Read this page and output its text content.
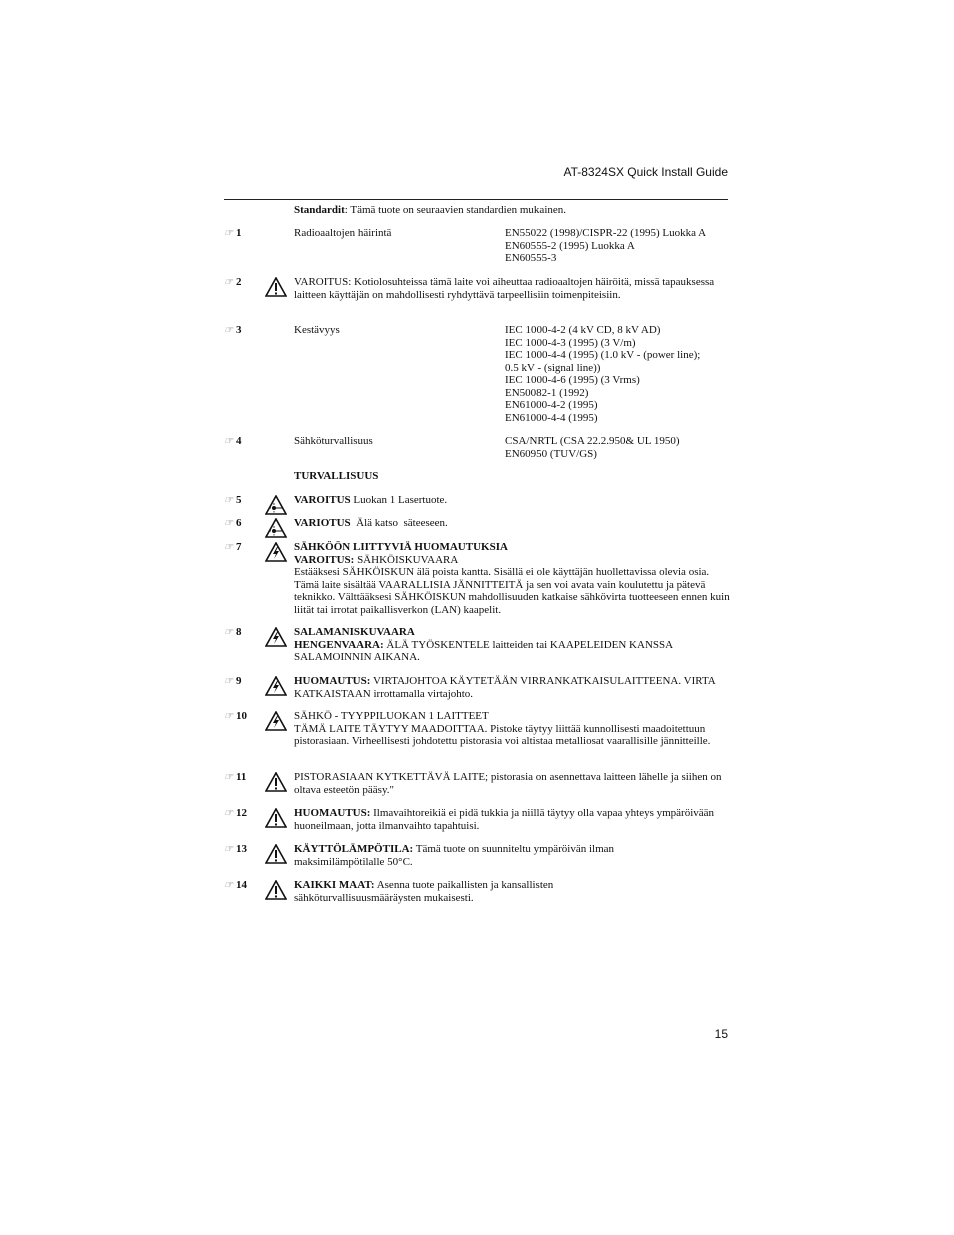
AT-8324SX Quick Install Guide
Standardit: Tämä tuote on seuraavien standardien mukainen.
☞ 1	Radioaaltojen häirintä	EN55022 (1998)/CISPR-22 (1995) Luokka A
EN60555-2 (1995) Luokka A
EN60555-3
☞ 2	VAROITUS: Kotiolosuhteissa tämä laite voi aiheuttaa radioaaltojen häiröitä, missä tapauksessa laitteen käyttäjän on mahdollisesti ryhdyttävä tarpeellisiin toimenpiteisiin.
☞ 3	Kestävyys	IEC 1000-4-2 (4 kV CD, 8 kV AD)
IEC 1000-4-3 (1995) (3 V/m)
IEC 1000-4-4 (1995) (1.0 kV - (power line);
0.5 kV - (signal line))
IEC 1000-4-6 (1995) (3 Vrms)
EN50082-1 (1992)
EN61000-4-2 (1995)
EN61000-4-4 (1995)
☞ 4	Sähköturvallisuus	CSA/NRTL (CSA 22.2.950& UL 1950)
EN60950 (TUV/GS)
TURVALLISUUS
☞ 5	VAROITUS Luokan 1 Lasertuote.
☞ 6	VARIOTUS  Älä katso  säteeseen.
☞ 7	SÄHKÖÖN LIITTYVIÄ HUOMAUTUKSIA
VAROITUS: SÄHKÖISKUVAARA
Estääksesi SÄHKÖISKUN älä poista kantta. Sisällä ei ole käyttäjän huollettavissa olevia osia. Tämä laite sisältää VAARALLISIA JÄNNITTEITÄ ja sen voi avata vain koulutettu ja pätevä teknikko. Välttääksesi SÄHKÖISKUN mahdollisuuden katkaise sähkövirta tuotteeseen ennen kuin liität tai irrotat paikallisverkon (LAN) kaapelit.
☞ 8	SALAMANISKUVAARA
HENGENVAARA: ÄLÄ TYÖSKENTELE laitteiden tai KAAPELEIDEN KANSSA SALAMOINNIN AIKANA.
☞ 9	HUOMAUTUS: VIRTAJOHTOA KÄYTETÄÄN VIRRANKATKAISULAITTEENA. VIRTA KATKAISTAAN irrottamalla virtajohto.
☞ 10	SÄHKÖ - TYYPPILUOKAN 1 LAITTEET
TÄMÄ LAITE TÄYTYY MAADOITTAA. Pistoke täytyy liittää kunnollisesti maadoitettuun pistorasiaan. Virheellisesti johdotettu pistorasia voi altistaa metalliosat vaarallisille jännitteille.
☞ 11	PISTORASIAAN KYTKETTÄVÄ LAITE; pistorasia on asennettava laitteen lähelle ja siihen on oltava esteetön pääsy."
☞ 12	HUOMAUTUS: Ilmavaihtoreikiä ei pidä tukkia ja niillä täytyy olla vapaa yhteys ympäröivään huoneilmaan, jotta ilmanvaihto tapahtuisi.
☞ 13	KÄYTTÖLÄMPÖTILA: Tämä tuote on suunniteltu ympäröivän ilman maksimilämpötilalle 50°C.
☞ 14	KAIKKI MAAT: Asenna tuote paikallisten ja kansallisten sähköturvallisuusmääräysten mukaisesti.
15
